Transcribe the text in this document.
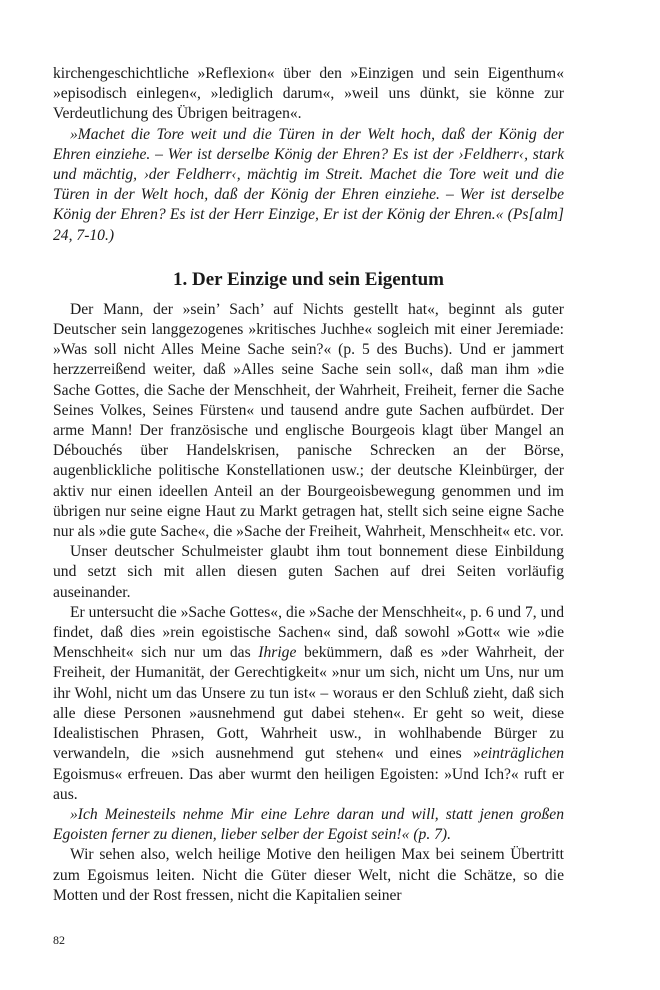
kirchengeschichtliche »Reflexion« über den »Einzigen und sein Eigenthum« »episodisch einlegen«, »lediglich darum«, »weil uns dünkt, sie könne zur Verdeutlichung des Übrigen beitragen«.

»Machet die Tore weit und die Türen in der Welt hoch, daß der König der Ehren einziehe. – Wer ist derselbe König der Ehren? Es ist der ›Feldherr‹, stark und mächtig, ›der Feldherr‹, mächtig im Streit. Machet die Tore weit und die Türen in der Welt hoch, daß der König der Ehren einziehe. – Wer ist derselbe König der Ehren? Es ist der Herr Einzige, Er ist der König der Ehren.« (Ps[alm] 24, 7-10.)

1. Der Einzige und sein Eigentum

Der Mann, der »sein’ Sach’ auf Nichts gestellt hat«, beginnt als guter Deutscher sein langgezogenes »kritisches Juchhe« sogleich mit einer Jeremiade: »Was soll nicht Alles Meine Sache sein?« (p. 5 des Buchs). Und er jammert herzzerreißend weiter, daß »Alles seine Sache sein soll«, daß man ihm »die Sache Gottes, die Sache der Menschheit, der Wahrheit, Freiheit, ferner die Sache Seines Volkes, Seines Fürsten« und tausend andre gute Sachen aufbürdet. Der arme Mann! Der französische und englische Bourgeois klagt über Mangel an Débouchés über Handelskrisen, panische Schrecken an der Börse, augenblickliche politische Konstellationen usw.; der deutsche Kleinbürger, der aktiv nur einen ideellen Anteil an der Bourgeoisbewegung genommen und im übrigen nur seine eigne Haut zu Markt getragen hat, stellt sich seine eigne Sache nur als »die gute Sache«, die »Sache der Freiheit, Wahrheit, Menschheit« etc. vor.

Unser deutscher Schulmeister glaubt ihm tout bonnement diese Einbildung und setzt sich mit allen diesen guten Sachen auf drei Seiten vorläufig auseinander.

Er untersucht die »Sache Gottes«, die »Sache der Menschheit«, p. 6 und 7, und findet, daß dies »rein egoistische Sachen« sind, daß sowohl »Gott« wie »die Menschheit« sich nur um das Ihrige bekümmern, daß es »der Wahrheit, der Freiheit, der Humanität, der Gerechtigkeit« »nur um sich, nicht um Uns, nur um ihr Wohl, nicht um das Unsere zu tun ist« – woraus er den Schluß zieht, daß sich alle diese Personen »ausnehmend gut dabei stehen«. Er geht so weit, diese Idealistischen Phrasen, Gott, Wahrheit usw., in wohlhabende Bürger zu verwandeln, die »sich ausnehmend gut stehen« und eines »einträglichen Egoismus« erfreuen. Das aber wurmt den heiligen Egoisten: »Und Ich?« ruft er aus.

»Ich Meinesteils nehme Mir eine Lehre daran und will, statt jenen großen Egoisten ferner zu dienen, lieber selber der Egoist sein!« (p. 7).

Wir sehen also, welch heilige Motive den heiligen Max bei seinem Übertritt zum Egoismus leiten. Nicht die Güter dieser Welt, nicht die Schätze, so die Motten und der Rost fressen, nicht die Kapitalien seiner

82
